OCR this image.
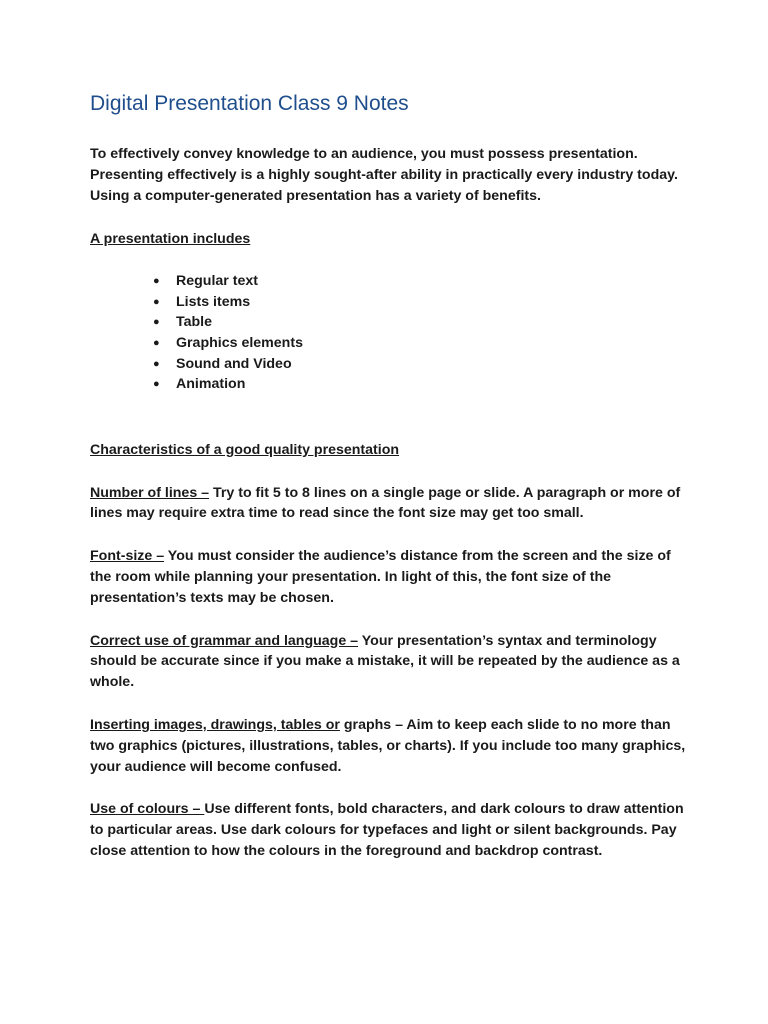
Digital Presentation Class 9 Notes

To effectively convey knowledge to an audience, you must possess presentation. Presenting effectively is a highly sought-after ability in practically every industry today. Using a computer-generated presentation has a variety of benefits.

A presentation includes

●	Regular text
●	Lists items
●	Table
●	Graphics elements
●	Sound and Video
●	Animation

Characteristics of a good quality presentation

Number of lines – Try to fit 5 to 8 lines on a single page or slide. A paragraph or more of lines may require extra time to read since the font size may get too small.

Font-size – You must consider the audience’s distance from the screen and the size of the room while planning your presentation. In light of this, the font size of the presentation’s texts may be chosen.

Correct use of grammar and language – Your presentation’s syntax and terminology should be accurate since if you make a mistake, it will be repeated by the audience as a whole.

Inserting images, drawings, tables or graphs – Aim to keep each slide to no more than two graphics (pictures, illustrations, tables, or charts). If you include too many graphics, your audience will become confused.

Use of colours – Use different fonts, bold characters, and dark colours to draw attention to particular areas. Use dark colours for typefaces and light or silent backgrounds. Pay close attention to how the colours in the foreground and backdrop contrast.
